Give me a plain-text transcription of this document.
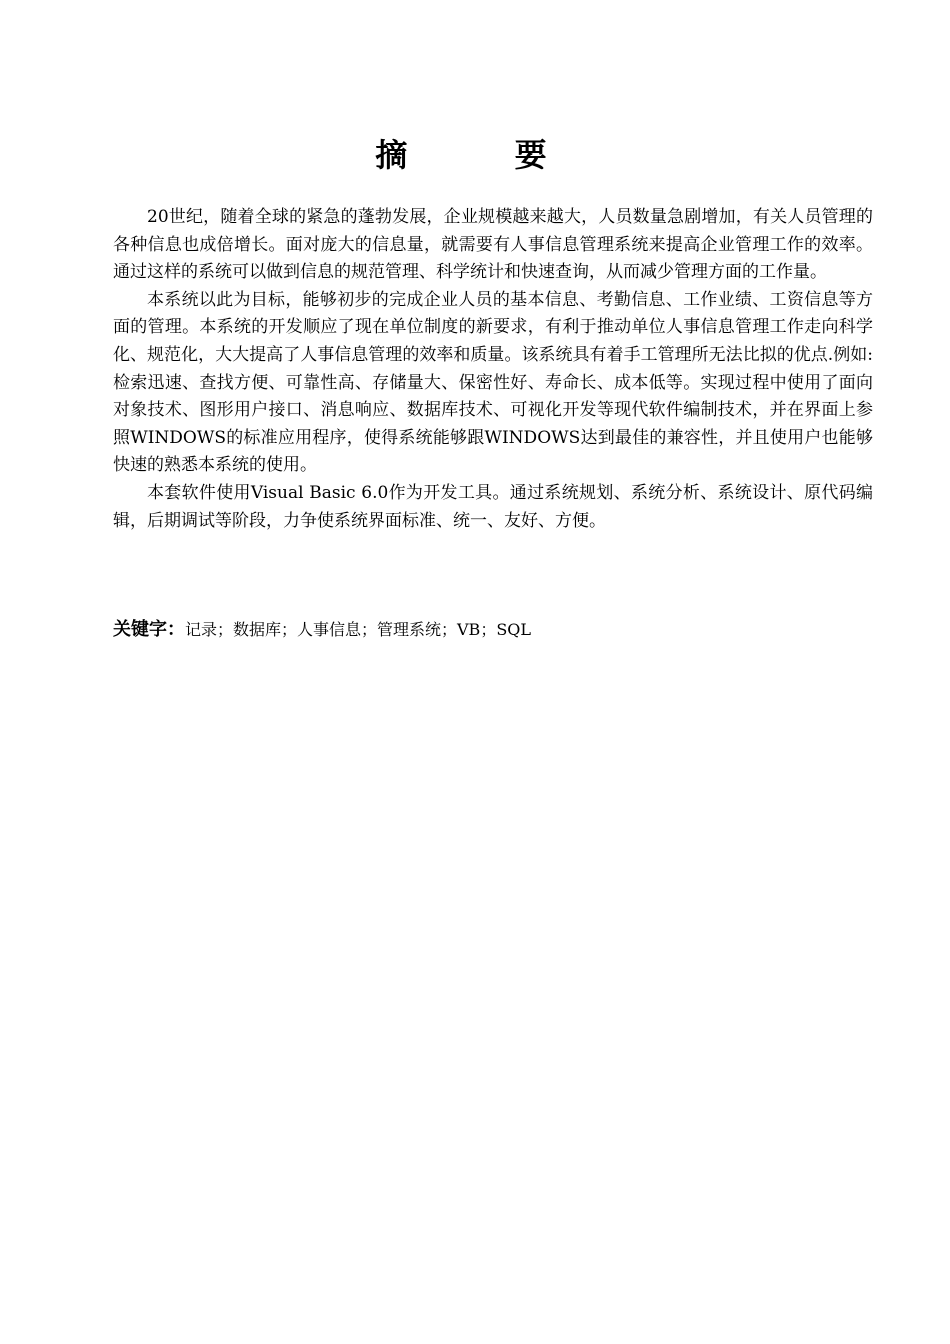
摘 要

20世纪，随着全球的紧急的蓬勃发展，企业规模越来越大，人员数量急剧增加，有关人员管理的各种信息也成倍增长。面对庞大的信息量，就需要有人事信息管理系统来提高企业管理工作的效率。通过这样的系统可以做到信息的规范管理、科学统计和快速查询，从而减少管理方面的工作量。

本系统以此为目标，能够初步的完成企业人员的基本信息、考勤信息、工作业绩、工资信息等方面的管理。本系统的开发顺应了现在单位制度的新要求，有利于推动单位人事信息管理工作走向科学化、规范化，大大提高了人事信息管理的效率和质量。该系统具有着手工管理所无法比拟的优点.例如:检索迅速、查找方便、可靠性高、存储量大、保密性好、寿命长、成本低等。实现过程中使用了面向对象技术、图形用户接口、消息响应、数据库技术、可视化开发等现代软件编制技术，并在界面上参照WINDOWS的标准应用程序，使得系统能够跟WINDOWS达到最佳的兼容性，并且使用户也能够快速的熟悉本系统的使用。

本套软件使用Visual Basic 6.0作为开发工具。通过系统规划、系统分析、系统设计、原代码编辑，后期调试等阶段，力争使系统界面标准、统一、友好、方便。

关键字：记录；数据库；人事信息；管理系统；VB；SQL
